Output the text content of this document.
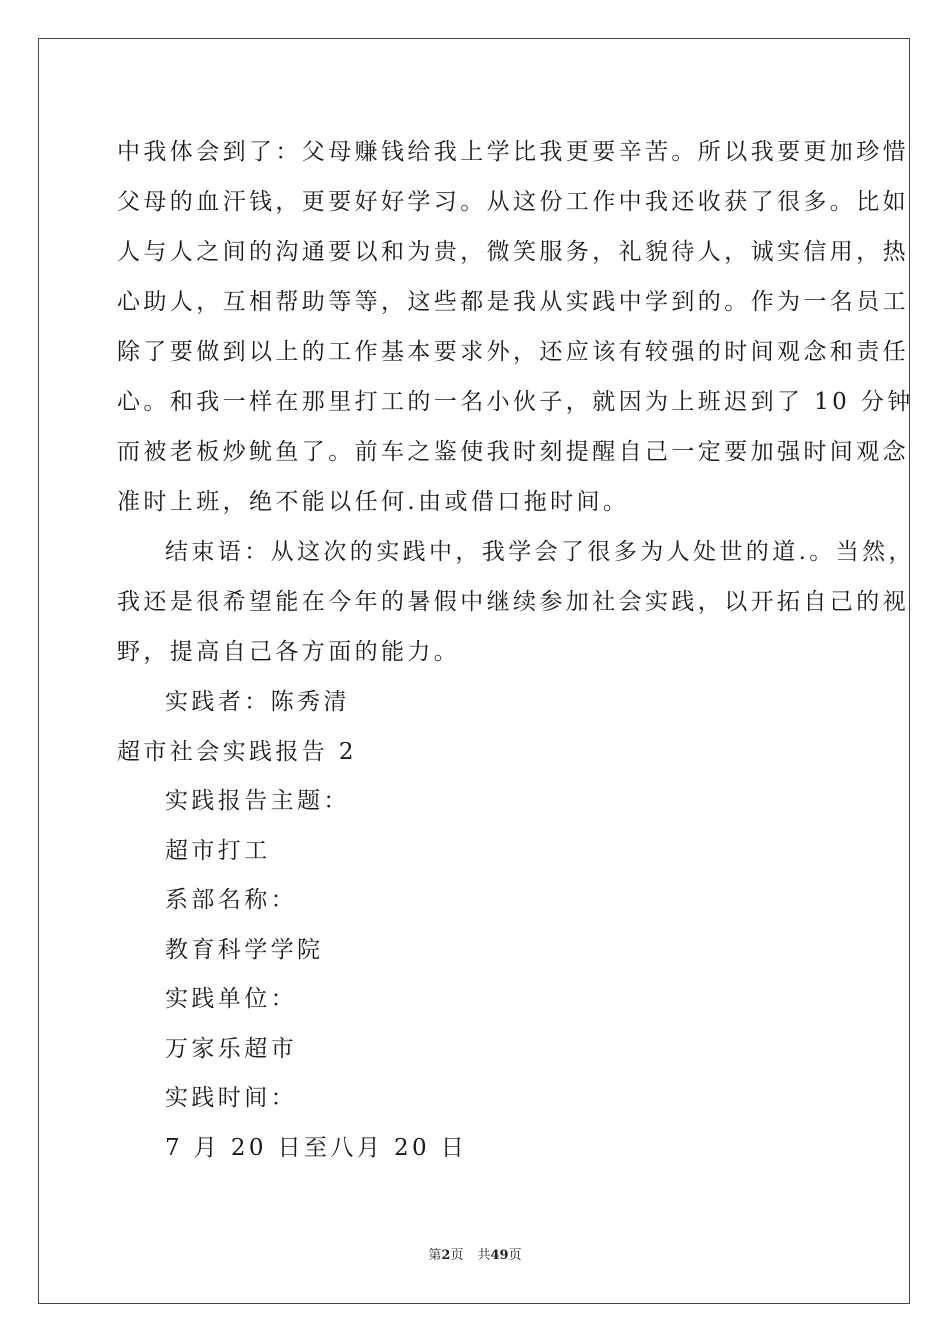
中我体会到了：父母赚钱给我上学比我更要辛苦。所以我要更加珍惜
父母的血汗钱，更要好好学习。从这份工作中我还收获了很多。比如
人与人之间的沟通要以和为贵，微笑服务，礼貌待人，诚实信用，热
心助人，互相帮助等等，这些都是我从实践中学到的。作为一名员工
除了要做到以上的工作基本要求外，还应该有较强的时间观念和责任
心。和我一样在那里打工的一名小伙子，就因为上班迟到了 10 分钟
而被老板炒鱿鱼了。前车之鉴使我时刻提醒自己一定要加强时间观念
准时上班，绝不能以任何.由或借口拖时间。
结束语：从这次的实践中，我学会了很多为人处世的道.。当然，
我还是很希望能在今年的暑假中继续参加社会实践，以开拓自己的视
野，提高自己各方面的能力。
实践者：陈秀清
超市社会实践报告 2
实践报告主题：
超市打工
系部名称：
教育科学学院
实践单位：
万家乐超市
实践时间：
7 月 20 日至八月 20 日
第2页 共49页
